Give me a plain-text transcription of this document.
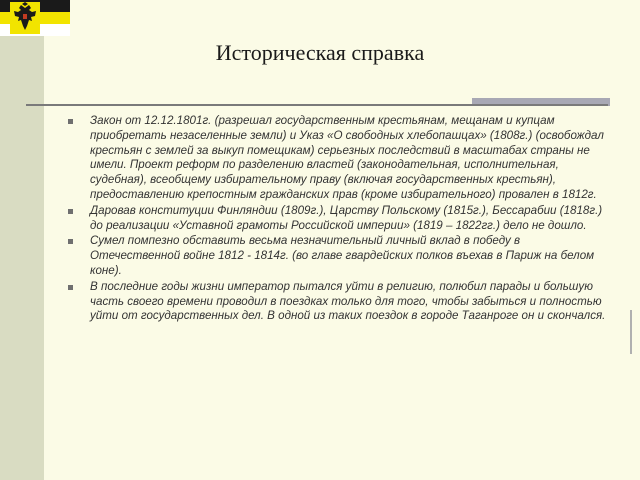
Историческая справка
Закон от 12.12.1801г. (разрешал государственным крестьянам, мещанам и купцам приобретать незаселенные земли) и Указ «О свободных хлебопашцах» (1808г.) (освобождал крестьян с землей за выкуп помещикам) серьезных последствий в масштабах страны не имели. Проект реформ по разделению властей (законодательная, исполнительная, судебная), всеобщему избирательному праву (включая государственных крестьян), предоставлению крепостным гражданских прав (кроме избирательного) провален в 1812г.
Даровав конституции Финляндии (1809г.), Царству Польскому (1815г.), Бессарабии (1818г.) до реализации «Уставной грамоты Российской империи» (1819 – 1822гг.) дело не дошло.
Сумел помпезно обставить весьма незначительный личный вклад в победу в Отечественной войне 1812 - 1814г. (во главе гвардейских полков въехав в Париж на белом коне).
В последние годы жизни император пытался уйти в религию, полюбил парады и большую часть своего времени проводил в поездках только для того, чтобы забыться и полностью уйти от государственных дел. В одной из таких поездок в городе Таганроге он и скончался.
